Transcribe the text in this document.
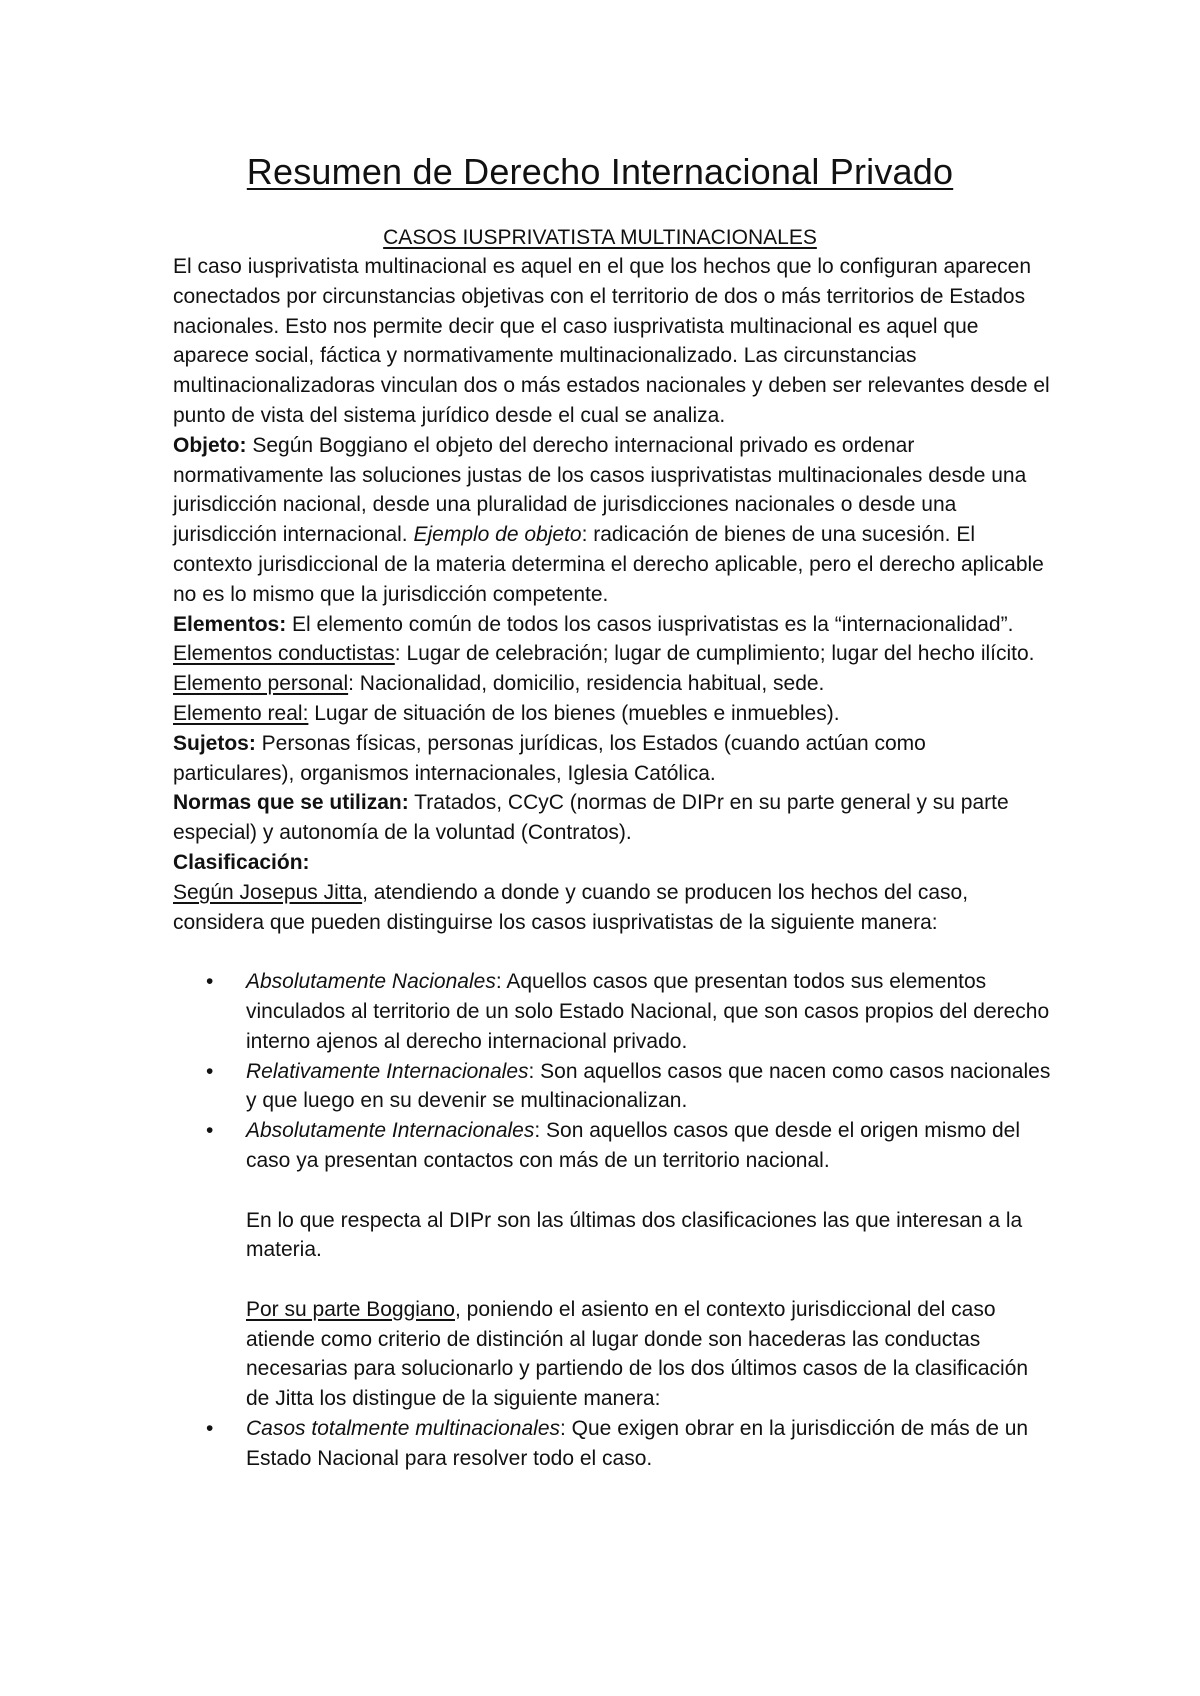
Resumen de Derecho Internacional Privado
CASOS IUSPRIVATISTA MULTINACIONALES

El caso iusprivatista multinacional es aquel en el que los hechos que lo configuran aparecen conectados por circunstancias objetivas con el territorio de dos o más territorios de Estados nacionales. Esto nos permite decir que el caso iusprivatista multinacional es aquel que aparece social, fáctica y normativamente multinacionalizado. Las circunstancias multinacionalizadoras vinculan dos o más estados nacionales y deben ser relevantes desde el punto de vista del sistema jurídico desde el cual se analiza.

Objeto: Según Boggiano el objeto del derecho internacional privado es ordenar normativamente las soluciones justas de los casos iusprivatistas multinacionales desde una jurisdicción nacional, desde una pluralidad de jurisdicciones nacionales o desde una jurisdicción internacional. Ejemplo de objeto: radicación de bienes de una sucesión. El contexto jurisdiccional de la materia determina el derecho aplicable, pero el derecho aplicable no es lo mismo que la jurisdicción competente.

Elementos: El elemento común de todos los casos iusprivatistas es la “internacionalidad”.

Elementos conductistas: Lugar de celebración; lugar de cumplimiento; lugar del hecho ilícito.

Elemento personal: Nacionalidad, domicilio, residencia habitual, sede.

Elemento real: Lugar de situación de los bienes (muebles e inmuebles).

Sujetos: Personas físicas, personas jurídicas, los Estados (cuando actúan como particulares), organismos internacionales, Iglesia Católica.

Normas que se utilizan: Tratados, CCyC (normas de DIPr en su parte general y su parte especial) y autonomía de la voluntad (Contratos).

Clasificación:

Según Josepus Jitta, atendiendo a donde y cuando se producen los hechos del caso, considera que pueden distinguirse los casos iusprivatistas de la siguiente manera:

• Absolutamente Nacionales: Aquellos casos que presentan todos sus elementos vinculados al territorio de un solo Estado Nacional, que son casos propios del derecho interno ajenos al derecho internacional privado.
• Relativamente Internacionales: Son aquellos casos que nacen como casos nacionales y que luego en su devenir se multinacionalizan.
• Absolutamente Internacionales: Son aquellos casos que desde el origen mismo del caso ya presentan contactos con más de un territorio nacional.

En lo que respecta al DIPr son las últimas dos clasificaciones las que interesan a la materia.

Por su parte Boggiano, poniendo el asiento en el contexto jurisdiccional del caso atiende como criterio de distinción al lugar donde son hacederas las conductas necesarias para solucionarlo y partiendo de los dos últimos casos de la clasificación de Jitta los distingue de la siguiente manera:

• Casos totalmente multinacionales: Que exigen obrar en la jurisdicción de más de un Estado Nacional para resolver todo el caso.
